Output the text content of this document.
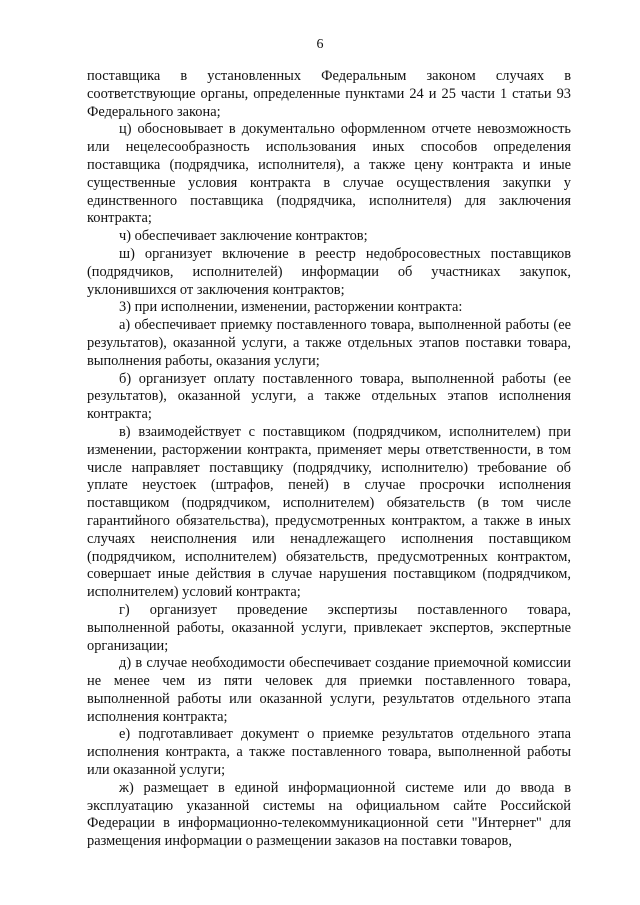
6

поставщика в установленных Федеральным законом случаях в соответствующие органы, определенные пунктами 24 и 25 части 1 статьи 93 Федерального закона;

ц) обосновывает в документально оформленном отчете невозможность или нецелесообразность использования иных способов определения поставщика (подрядчика, исполнителя), а также цену контракта и иные существенные условия контракта в случае осуществления закупки у единственного поставщика (подрядчика, исполнителя) для заключения контракта;

ч) обеспечивает заключение контрактов;

ш) организует включение в реестр недобросовестных поставщиков (подрядчиков, исполнителей) информации об участниках закупок, уклонившихся от заключения контрактов;

3) при исполнении, изменении, расторжении контракта:

а) обеспечивает приемку поставленного товара, выполненной работы (ее результатов), оказанной услуги, а также отдельных этапов поставки товара, выполнения работы, оказания услуги;

б) организует оплату поставленного товара, выполненной работы (ее результатов), оказанной услуги, а также отдельных этапов исполнения контракта;

в) взаимодействует с поставщиком (подрядчиком, исполнителем) при изменении, расторжении контракта, применяет меры ответственности, в том числе направляет поставщику (подрядчику, исполнителю) требование об уплате неустоек (штрафов, пеней) в случае просрочки исполнения поставщиком (подрядчиком, исполнителем) обязательств (в том числе гарантийного обязательства), предусмотренных контрактом, а также в иных случаях неисполнения или ненадлежащего исполнения поставщиком (подрядчиком, исполнителем) обязательств, предусмотренных контрактом, совершает иные действия в случае нарушения поставщиком (подрядчиком, исполнителем) условий контракта;

г) организует проведение экспертизы поставленного товара, выполненной работы, оказанной услуги, привлекает экспертов, экспертные организации;

д) в случае необходимости обеспечивает создание приемочной комиссии не менее чем из пяти человек для приемки поставленного товара, выполненной работы или оказанной услуги, результатов отдельного этапа исполнения контракта;

е) подготавливает документ о приемке результатов отдельного этапа исполнения контракта, а также поставленного товара, выполненной работы или оказанной услуги;

ж) размещает в единой информационной системе или до ввода в эксплуатацию указанной системы на официальном сайте Российской Федерации в информационно-телекоммуникационной сети "Интернет" для размещения информации о размещении заказов на поставки товаров,
